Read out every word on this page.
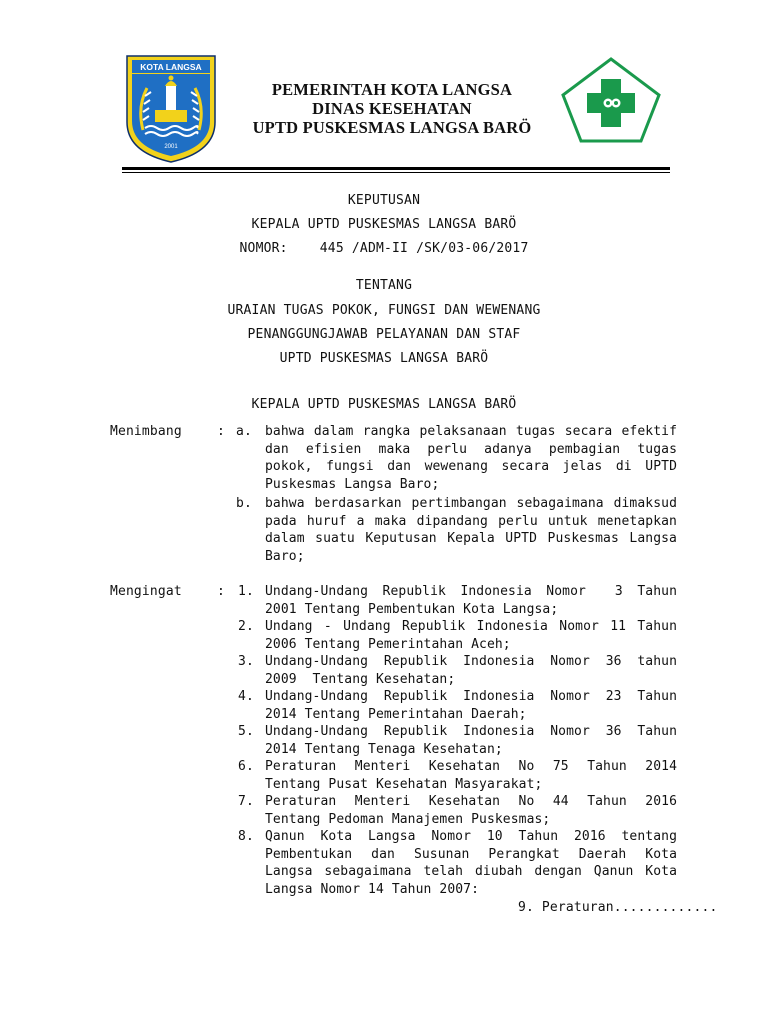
KOTA LANGSA
2001
PEMERINTAH KOTA LANGSA
DINAS KESEHATAN
UPTD PUSKESMAS LANGSA BARÖ
KEPUTUSAN
KEPALA UPTD PUSKESMAS LANGSA BARÖ
NOMOR:    445 /ADM-II /SK/03-06/2017
TENTANG
URAIAN TUGAS POKOK, FUNGSI DAN WEWENANG
PENANGGUNGJAWAB PELAYANAN DAN STAF
UPTD PUSKESMAS LANGSA BARÖ
KEPALA UPTD PUSKESMAS LANGSA BARÖ
Menimbang	: a. bahwa dalam rangka pelaksanaan tugas secara efektif dan efisien maka perlu adanya pembagian tugas pokok, fungsi dan wewenang secara jelas di UPTD Puskesmas Langsa Baro;
b. bahwa berdasarkan pertimbangan sebagaimana dimaksud pada huruf a maka dipandang perlu untuk menetapkan dalam suatu Keputusan Kepala UPTD Puskesmas Langsa Baro;
Mengingat	: 1. Undang-Undang Republik Indonesia Nomor  3 Tahun 2001 Tentang Pembentukan Kota Langsa;
2. Undang - Undang Republik Indonesia Nomor 11 Tahun 2006 Tentang Pemerintahan Aceh;
3. Undang-Undang Republik Indonesia Nomor 36 tahun 2009  Tentang Kesehatan;
4. Undang-Undang Republik Indonesia Nomor 23 Tahun 2014 Tentang Pemerintahan Daerah;
5. Undang-Undang Republik Indonesia Nomor 36 Tahun 2014 Tentang Tenaga Kesehatan;
6. Peraturan Menteri Kesehatan No 75 Tahun 2014 Tentang Pusat Kesehatan Masyarakat;
7. Peraturan Menteri Kesehatan No 44 Tahun 2016 Tentang Pedoman Manajemen Puskesmas;
8. Qanun Kota Langsa Nomor 10 Tahun 2016 tentang Pembentukan dan Susunan Perangkat Daerah Kota Langsa sebagaimana telah diubah dengan Qanun Kota Langsa Nomor 14 Tahun 2007:
9. Peraturan.............
